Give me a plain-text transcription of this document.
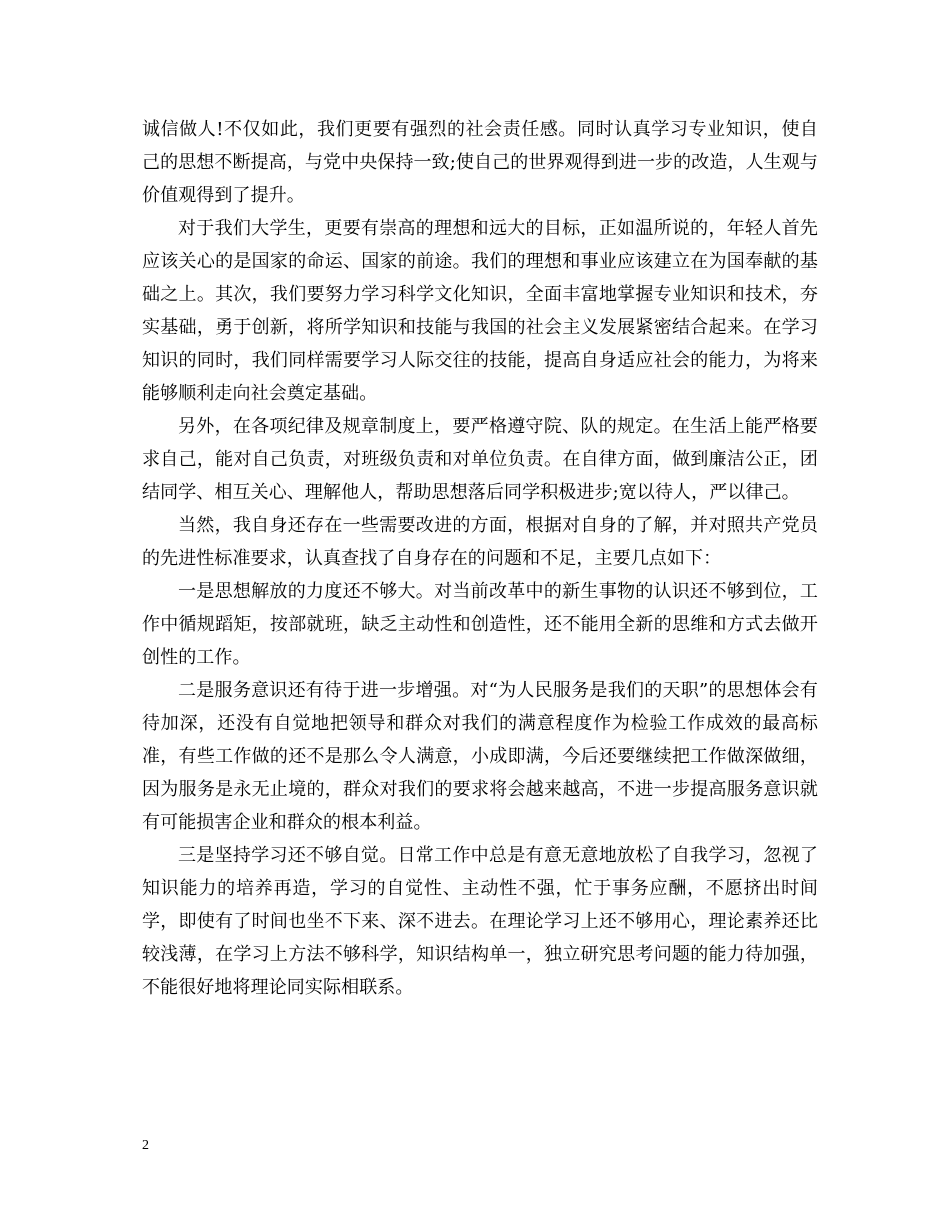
诚信做人!不仅如此，我们更要有强烈的社会责任感。同时认真学习专业知识，使自己的思想不断提高，与党中央保持一致;使自己的世界观得到进一步的改造，人生观与价值观得到了提升。

对于我们大学生，更要有崇高的理想和远大的目标，正如温所说的，年轻人首先应该关心的是国家的命运、国家的前途。我们的理想和事业应该建立在为国奉献的基础之上。其次，我们要努力学习科学文化知识，全面丰富地掌握专业知识和技术，夯实基础，勇于创新，将所学知识和技能与我国的社会主义发展紧密结合起来。在学习知识的同时，我们同样需要学习人际交往的技能，提高自身适应社会的能力，为将来能够顺利走向社会奠定基础。

另外，在各项纪律及规章制度上，要严格遵守院、队的规定。在生活上能严格要求自己，能对自己负责，对班级负责和对单位负责。在自律方面，做到廉洁公正，团结同学、相互关心、理解他人，帮助思想落后同学积极进步;宽以待人，严以律己。

当然，我自身还存在一些需要改进的方面，根据对自身的了解，并对照共产党员的先进性标准要求，认真查找了自身存在的问题和不足，主要几点如下：

一是思想解放的力度还不够大。对当前改革中的新生事物的认识还不够到位，工作中循规蹈矩，按部就班，缺乏主动性和创造性，还不能用全新的思维和方式去做开创性的工作。

二是服务意识还有待于进一步增强。对“为人民服务是我们的天职”的思想体会有待加深，还没有自觉地把领导和群众对我们的满意程度作为检验工作成效的最高标准，有些工作做的还不是那么令人满意，小成即满，今后还要继续把工作做深做细，因为服务是永无止境的，群众对我们的要求将会越来越高，不进一步提高服务意识就有可能损害企业和群众的根本利益。

三是坚持学习还不够自觉。日常工作中总是有意无意地放松了自我学习，忽视了知识能力的培养再造，学习的自觉性、主动性不强，忙于事务应酬，不愿挤出时间学，即使有了时间也坐不下来、深不进去。在理论学习上还不够用心，理论素养还比较浅薄，在学习上方法不够科学，知识结构单一，独立研究思考问题的能力待加强，不能很好地将理论同实际相联系。

2
